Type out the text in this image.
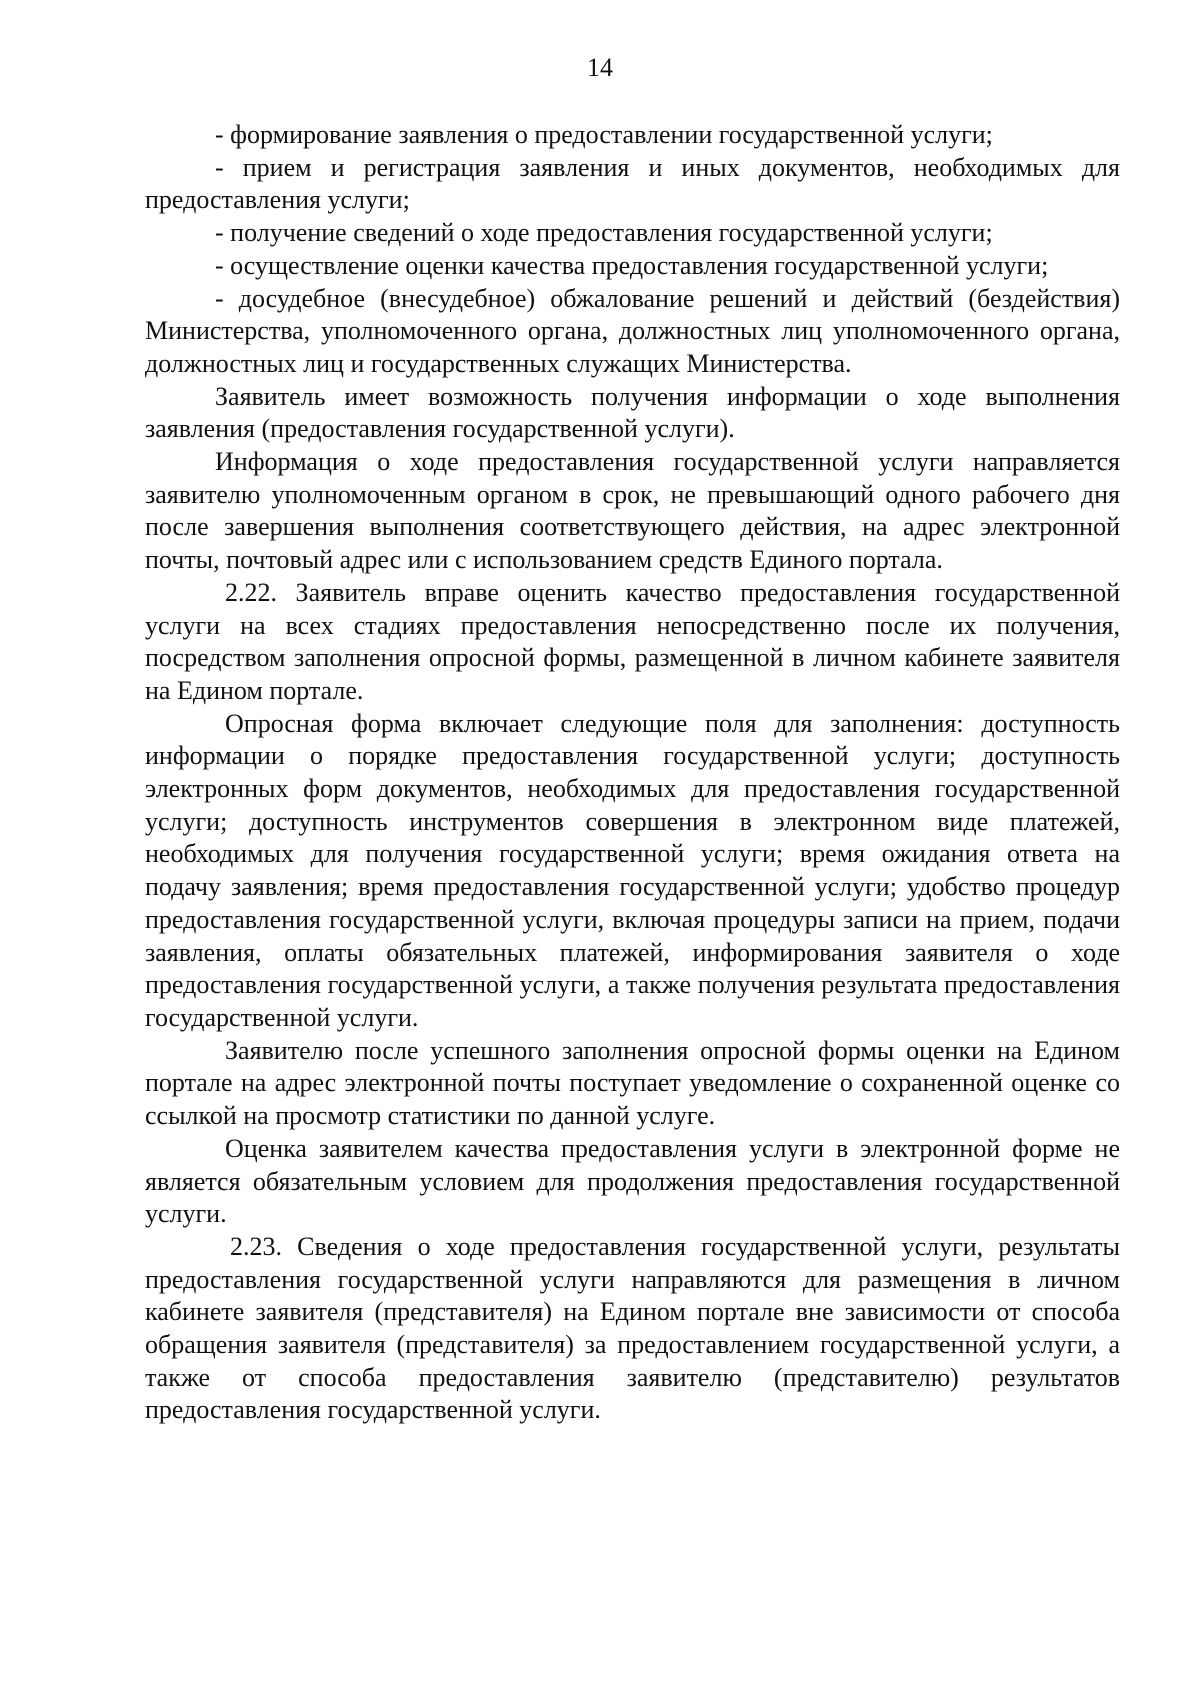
14

- формирование заявления о предоставлении государственной услуги;

- прием и регистрация заявления и иных документов, необходимых для предоставления услуги;

- получение сведений о ходе предоставления государственной услуги;

- осуществление оценки качества предоставления государственной услуги;

- досудебное (внесудебное) обжалование решений и действий (бездействия) Министерства, уполномоченного органа, должностных лиц уполномоченного органа, должностных лиц и государственных служащих Министерства.

Заявитель имеет возможность получения информации о ходе выполнения заявления (предоставления государственной услуги).

Информация о ходе предоставления государственной услуги направляется заявителю уполномоченным органом в срок, не превышающий одного рабочего дня после завершения выполнения соответствующего действия, на адрес электронной почты, почтовый адрес или с использованием средств Единого портала.

2.22. Заявитель вправе оценить качество предоставления государственной услуги на всех стадиях предоставления непосредственно после их получения, посредством заполнения опросной формы, размещенной в личном кабинете заявителя на Едином портале.

Опросная форма включает следующие поля для заполнения: доступность информации о порядке предоставления государственной услуги; доступность электронных форм документов, необходимых для предоставления государственной услуги; доступность инструментов совершения в электронном виде платежей, необходимых для получения государственной услуги; время ожидания ответа на подачу заявления; время предоставления государственной услуги; удобство процедур предоставления государственной услуги, включая процедуры записи на прием, подачи заявления, оплаты обязательных платежей, информирования заявителя о ходе предоставления государственной услуги, а также получения результата предоставления государственной услуги.

Заявителю после успешного заполнения опросной формы оценки на Едином портале на адрес электронной почты поступает уведомление о сохраненной оценке со ссылкой на просмотр статистики по данной услуге.

Оценка заявителем качества предоставления услуги в электронной форме не является обязательным условием для продолжения предоставления государственной услуги.

2.23. Сведения о ходе предоставления государственной услуги, результаты предоставления государственной услуги направляются для размещения в личном кабинете заявителя (представителя) на Едином портале вне зависимости от способа обращения заявителя (представителя) за предоставлением государственной услуги, а также от способа предоставления заявителю (представителю) результатов предоставления государственной услуги.
